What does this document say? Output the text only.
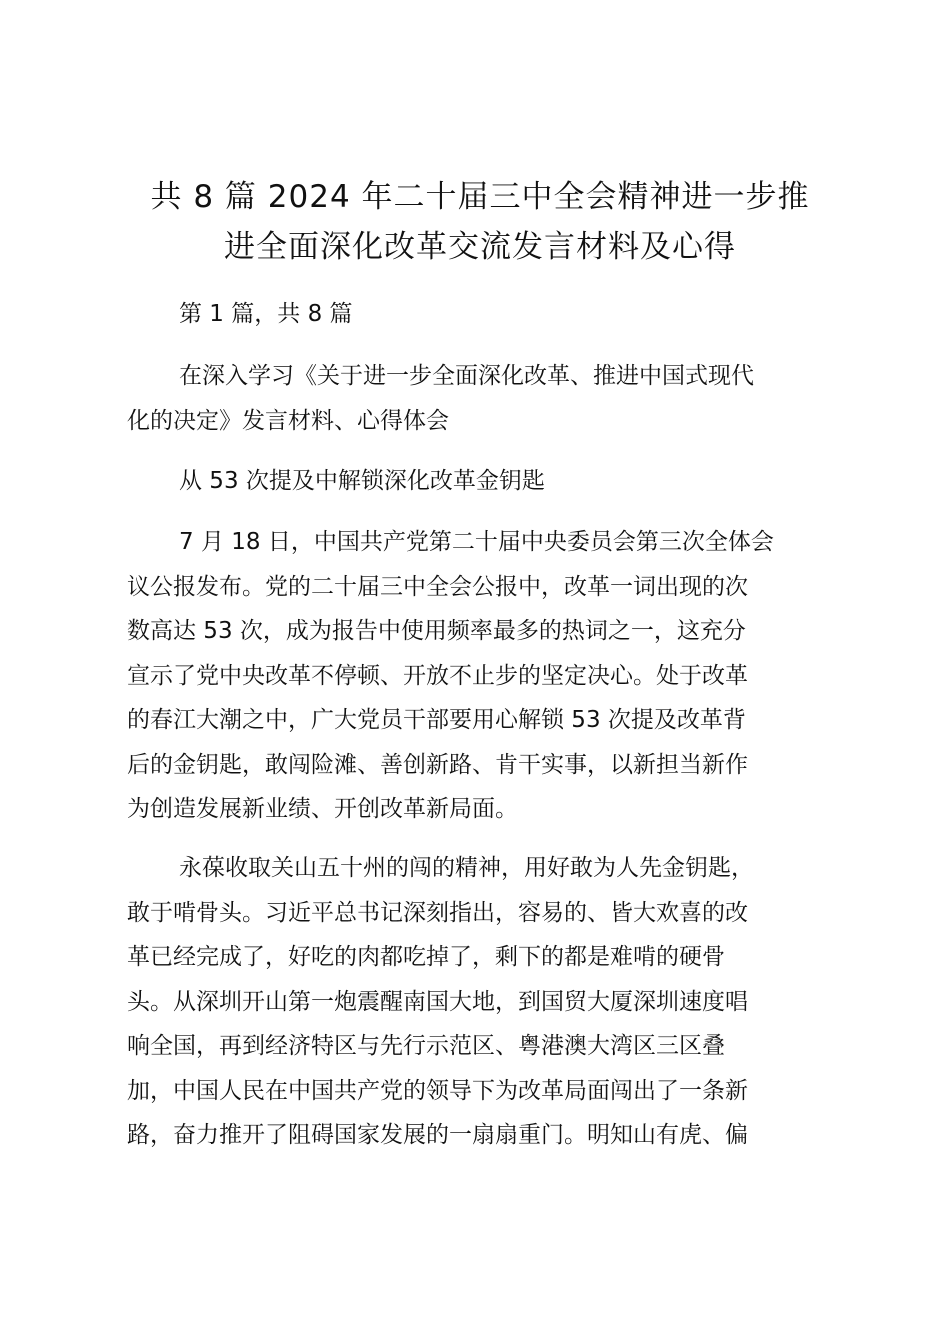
共 8 篇 2024 年二十届三中全会精神进一步推
进全面深化改革交流发言材料及心得

第 1 篇，共 8 篇

在深入学习《关于进一步全面深化改革、推进中国式现代
化的决定》发言材料、心得体会

从 53 次提及中解锁深化改革金钥匙

7 月 18 日，中国共产党第二十届中央委员会第三次全体会
议公报发布。党的二十届三中全会公报中，改革一词出现的次
数高达 53 次，成为报告中使用频率最多的热词之一，这充分
宣示了党中央改革不停顿、开放不止步的坚定决心。处于改革
的春江大潮之中，广大党员干部要用心解锁 53 次提及改革背
后的金钥匙，敢闯险滩、善创新路、肯干实事，以新担当新作
为创造发展新业绩、开创改革新局面。

永葆收取关山五十州的闯的精神，用好敢为人先金钥匙，
敢于啃骨头。习近平总书记深刻指出，容易的、皆大欢喜的改
革已经完成了，好吃的肉都吃掉了，剩下的都是难啃的硬骨
头。从深圳开山第一炮震醒南国大地，到国贸大厦深圳速度唱
响全国，再到经济特区与先行示范区、粤港澳大湾区三区叠
加，中国人民在中国共产党的领导下为改革局面闯出了一条新
路，奋力推开了阻碍国家发展的一扇扇重门。明知山有虎、偏
